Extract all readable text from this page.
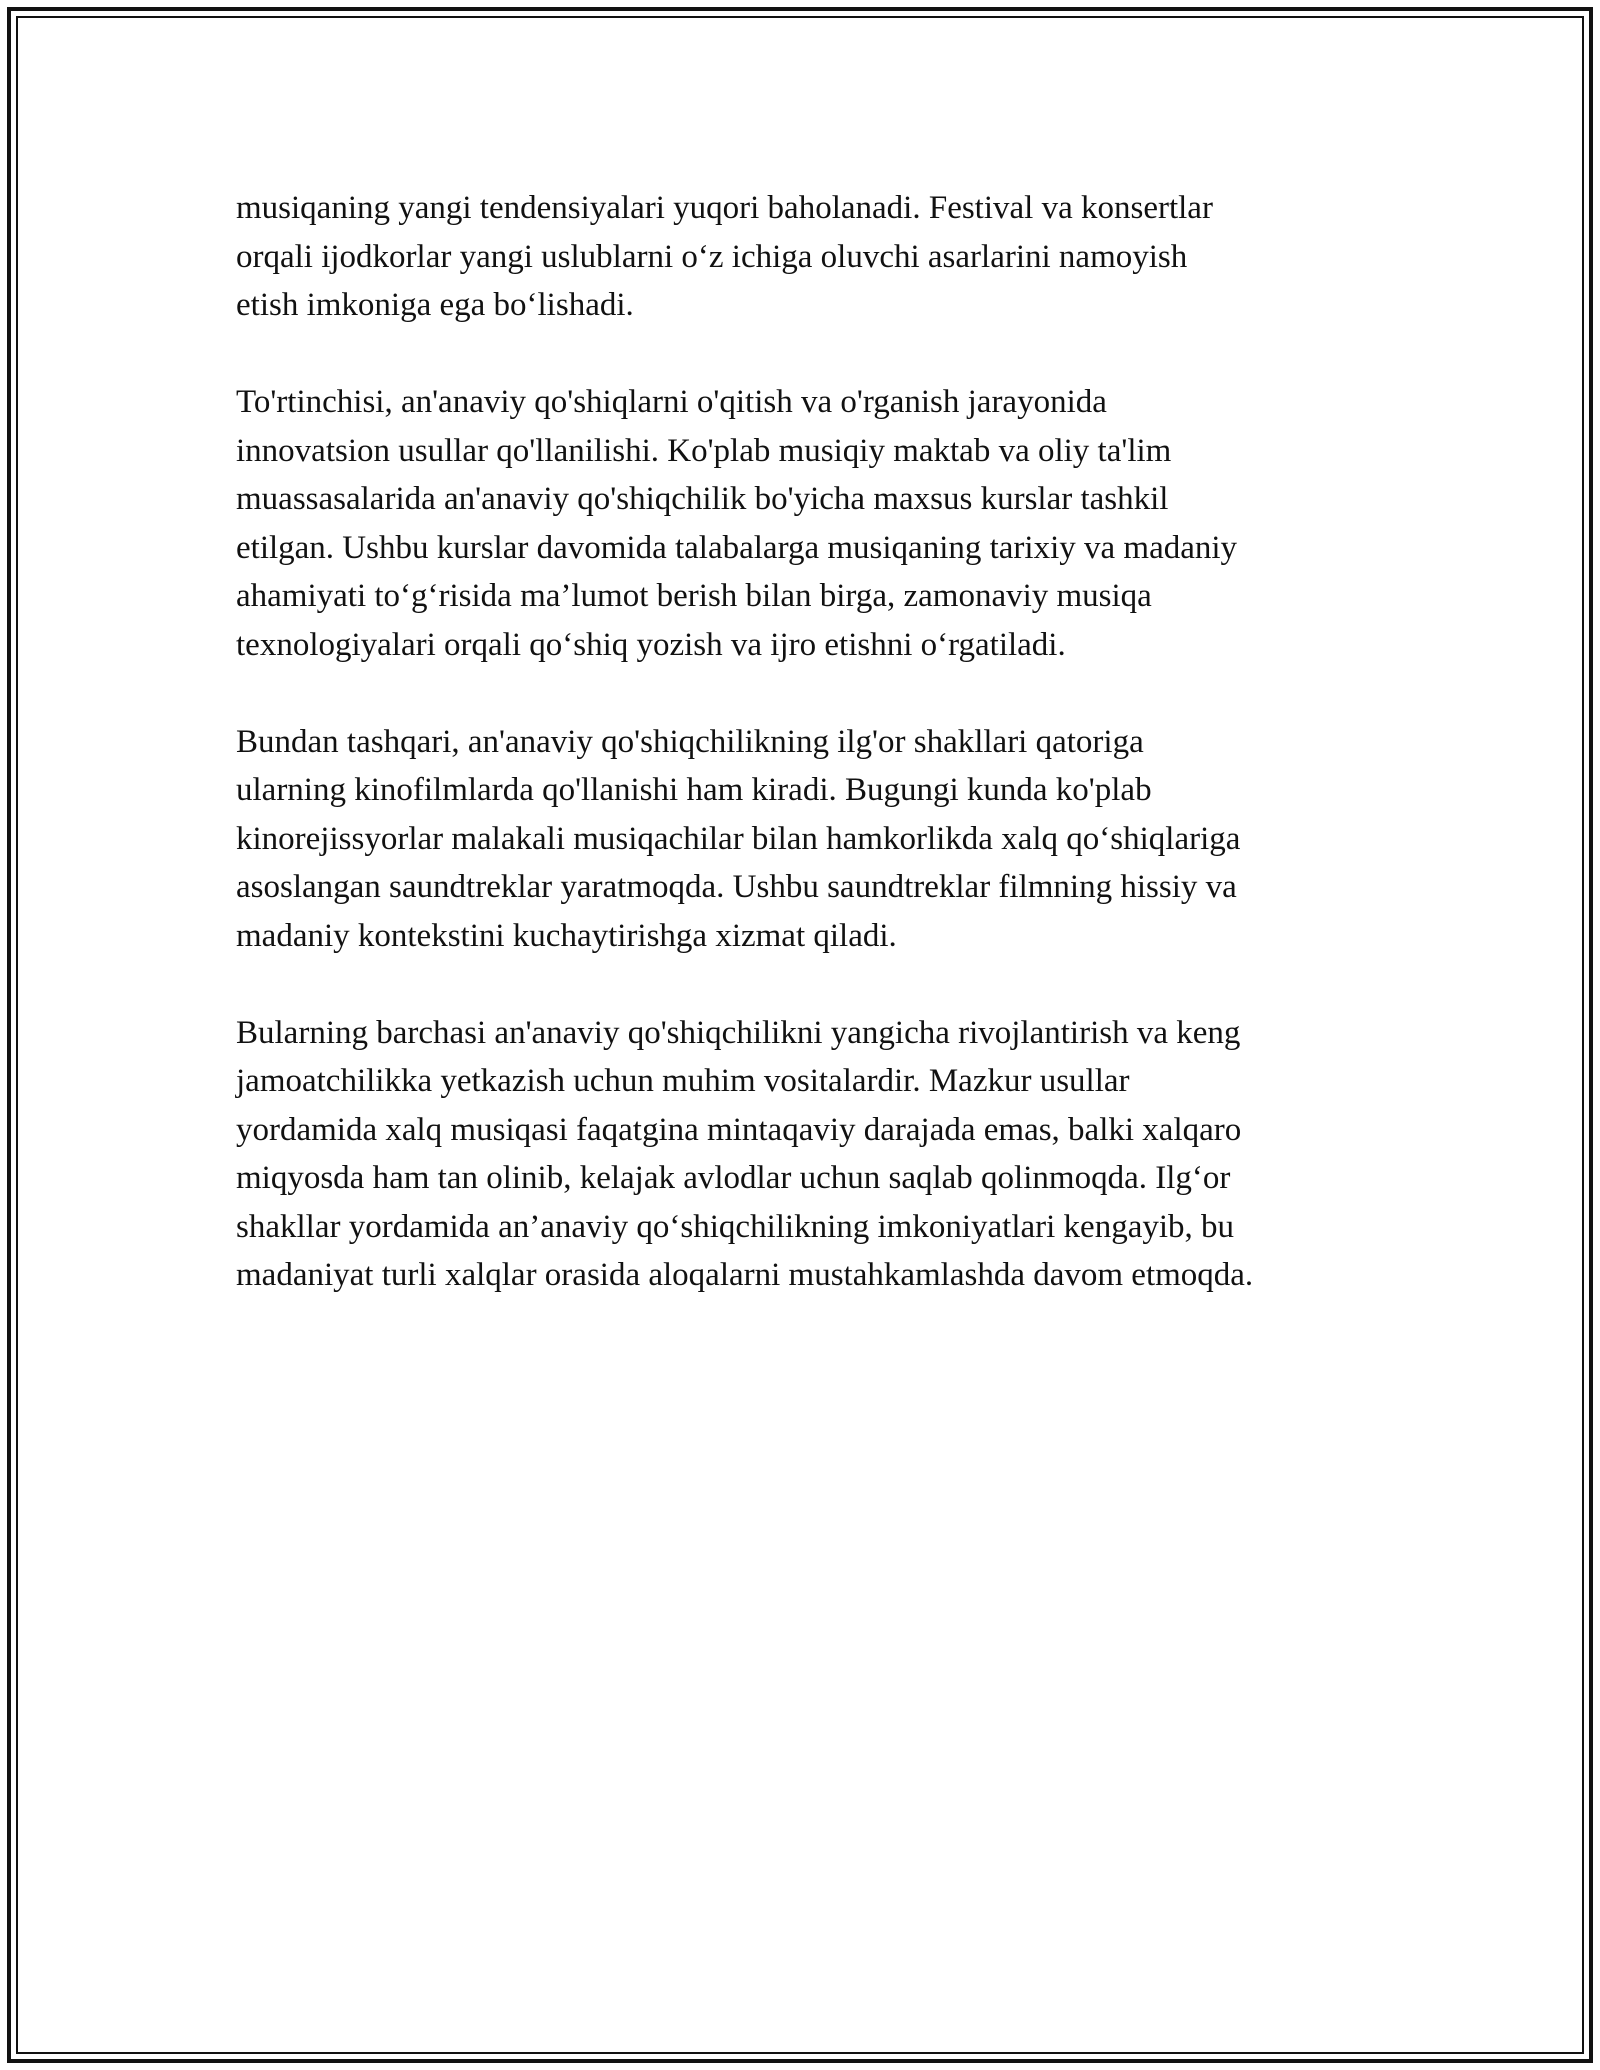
musiqaning yangi tendensiyalari yuqori baholanadi. Festival va konsertlar
orqali ijodkorlar yangi uslublarni o‘z ichiga oluvchi asarlarini namoyish
etish imkoniga ega bo‘lishadi.

To'rtinchisi, an'anaviy qo'shiqlarni o'qitish va o'rganish jarayonida
innovatsion usullar qo'llanilishi. Ko'plab musiqiy maktab va oliy ta'lim
muassasalarida an'anaviy qo'shiqchilik bo'yicha maxsus kurslar tashkil
etilgan. Ushbu kurslar davomida talabalarga musiqaning tarixiy va madaniy
ahamiyati to‘g‘risida ma’lumot berish bilan birga, zamonaviy musiqa
texnologiyalari orqali qo‘shiq yozish va ijro etishni o‘rgatiladi.

Bundan tashqari, an'anaviy qo'shiqchilikning ilg'or shakllari qatoriga
ularning kinofilmlarda qo'llanishi ham kiradi. Bugungi kunda ko'plab
kinorejissyorlar malakali musiqachilar bilan hamkorlikda xalq qo‘shiqlariga
asoslangan saundtreklar yaratmoqda. Ushbu saundtreklar filmning hissiy va
madaniy kontekstini kuchaytirishga xizmat qiladi.

Bularning barchasi an'anaviy qo'shiqchilikni yangicha rivojlantirish va keng
jamoatchilikka yetkazish uchun muhim vositalardir. Mazkur usullar
yordamida xalq musiqasi faqatgina mintaqaviy darajada emas, balki xalqaro
miqyosda ham tan olinib, kelajak avlodlar uchun saqlab qolinmoqda. Ilg‘or
shakllar yordamida an’anaviy qo‘shiqchilikning imkoniyatlari kengayib, bu
madaniyat turli xalqlar orasida aloqalarni mustahkamlashda davom etmoqda.
